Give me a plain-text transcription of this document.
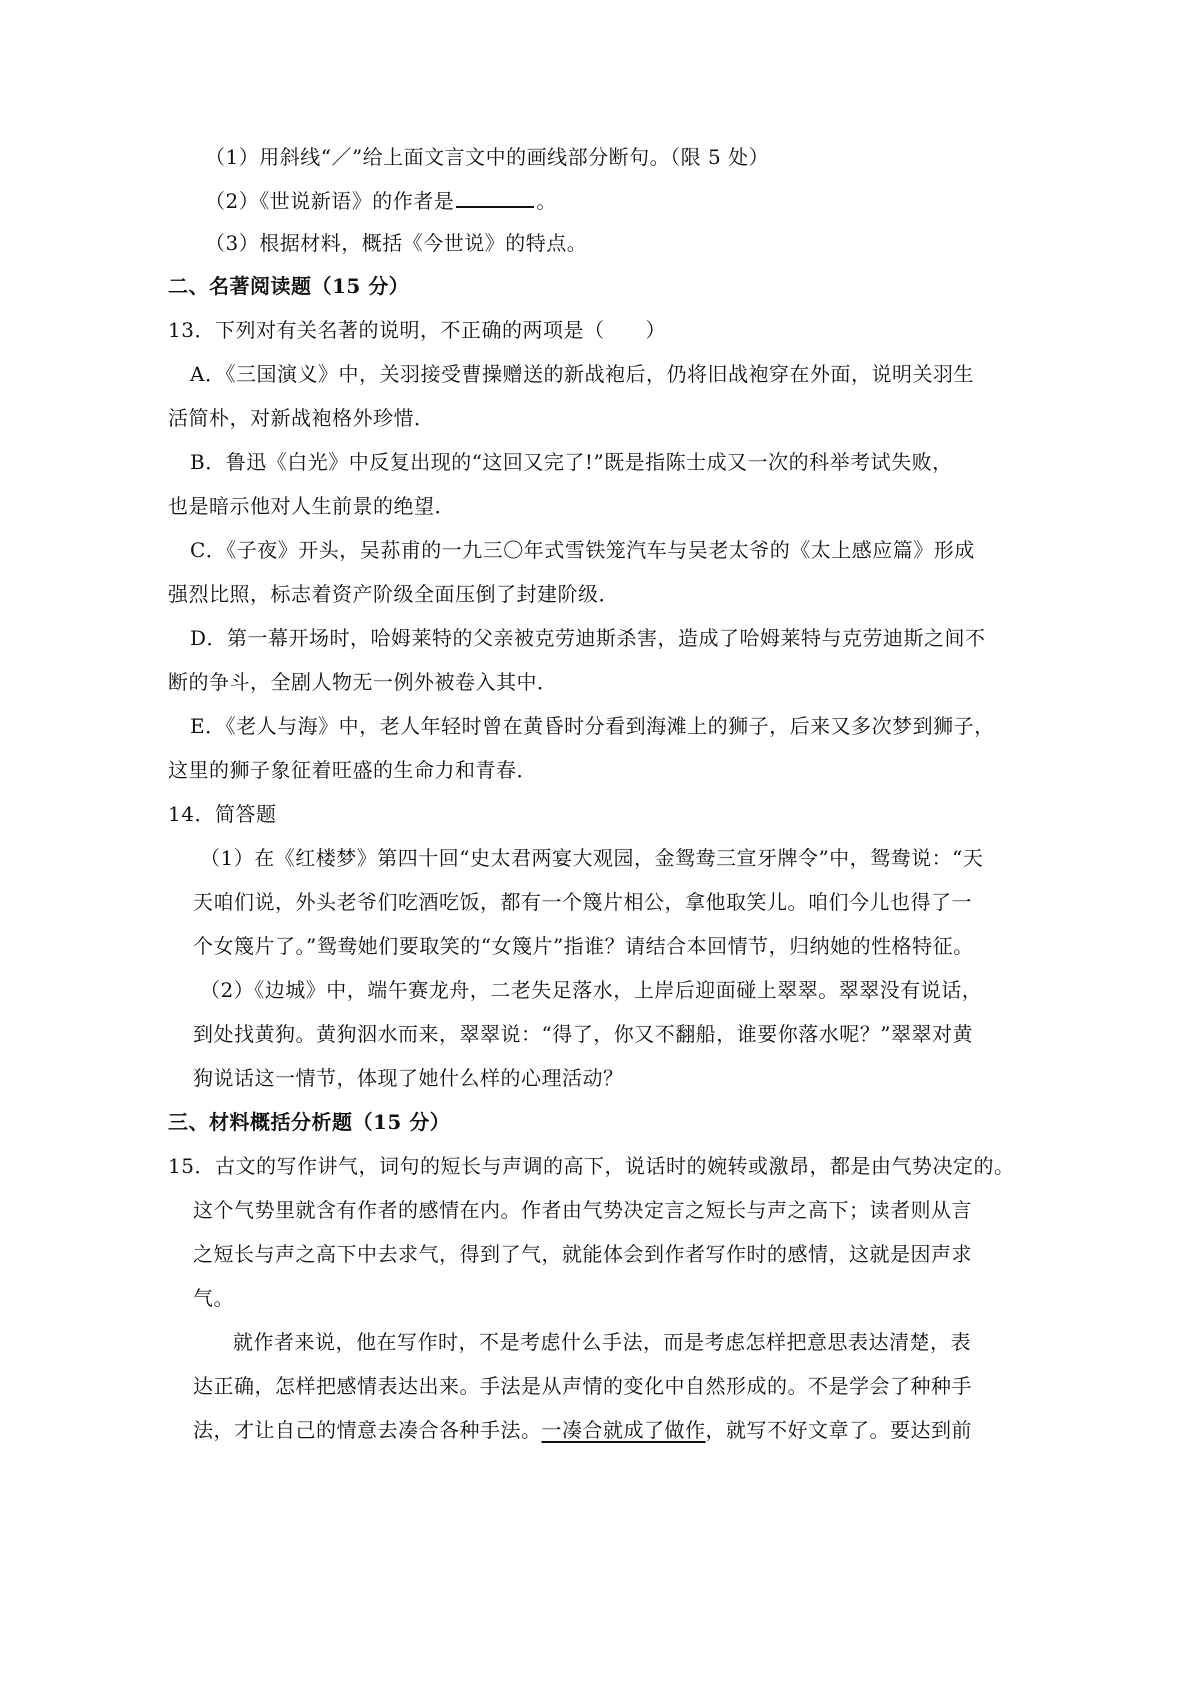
（1）用斜线“／”给上面文言文中的画线部分断句。（限 5 处）
（2）《世说新语》的作者是	。
（3）根据材料，概括《今世说》的特点。
二、名著阅读题（15 分）
13．下列对有关名著的说明，不正确的两项是（　　）
A．《三国演义》中，关羽接受曹操赠送的新战袍后，仍将旧战袍穿在外面，说明关羽生
活简朴，对新战袍格外珍惜．
B．鲁迅《白光》中反复出现的“这回又完了!”既是指陈士成又一次的科举考试失败，
也是暗示他对人生前景的绝望．
C．《子夜》开头，吴荪甫的一九三〇年式雪铁笼汽车与吴老太爷的《太上感应篇》形成
强烈比照，标志着资产阶级全面压倒了封建阶级．
D．第一幕开场时，哈姆莱特的父亲被克劳迪斯杀害，造成了哈姆莱特与克劳迪斯之间不
断的争斗，全剧人物无一例外被卷入其中．
E．《老人与海》中，老人年轻时曾在黄昏时分看到海滩上的狮子，后来又多次梦到狮子，
这里的狮子象征着旺盛的生命力和青春．
14．简答题
（1）在《红楼梦》第四十回“史太君两宴大观园，金鸳鸯三宣牙牌令”中，鸳鸯说：“天
天咱们说，外头老爷们吃酒吃饭，都有一个篾片相公，拿他取笑儿。咱们今儿也得了一
个女篾片了。”鸳鸯她们要取笑的“女篾片”指谁？请结合本回情节，归纳她的性格特征。
（2）《边城》中，端午赛龙舟，二老失足落水，上岸后迎面碰上翠翠。翠翠没有说话，
到处找黄狗。黄狗泅水而来，翠翠说：“得了，你又不翻船，谁要你落水呢？”翠翠对黄
狗说话这一情节，体现了她什么样的心理活动？
三、材料概括分析题（15 分）
15．古文的写作讲气，词句的短长与声调的高下，说话时的婉转或激昂，都是由气势决定的。
这个气势里就含有作者的感情在内。作者由气势决定言之短长与声之高下；读者则从言
之短长与声之高下中去求气，得到了气，就能体会到作者写作时的感情，这就是因声求
气。
就作者来说，他在写作时，不是考虑什么手法，而是考虑怎样把意思表达清楚，表
达正确，怎样把感情表达出来。手法是从声情的变化中自然形成的。不是学会了种种手
法，才让自己的情意去凑合各种手法。一凑合就成了做作，就写不好文章了。要达到前
